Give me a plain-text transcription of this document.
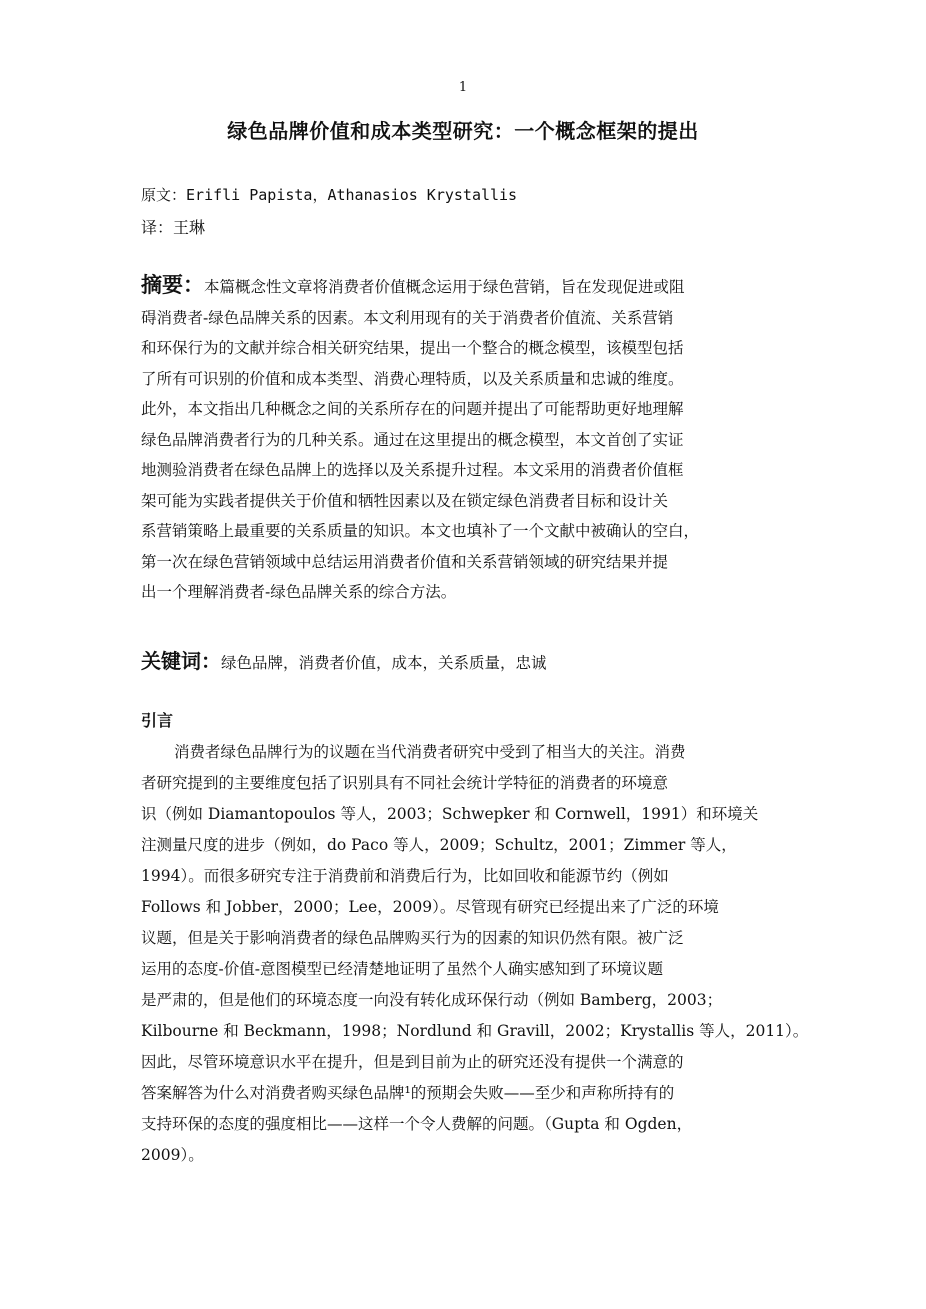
1
绿色品牌价值和成本类型研究：一个概念框架的提出
原文：Erifli Papista，Athanasios Krystallis
译：王琳
摘要：本篇概念性文章将消费者价值概念运用于绿色营销，旨在发现促进或阻
碍消费者-绿色品牌关系的因素。本文利用现有的关于消费者价值流、关系营销
和环保行为的文献并综合相关研究结果，提出一个整合的概念模型，该模型包括
了所有可识别的价值和成本类型、消费心理特质，以及关系质量和忠诚的维度。
此外，本文指出几种概念之间的关系所存在的问题并提出了可能帮助更好地理解
绿色品牌消费者行为的几种关系。通过在这里提出的概念模型，本文首创了实证
地测验消费者在绿色品牌上的选择以及关系提升过程。本文采用的消费者价值框
架可能为实践者提供关于价值和牺牲因素以及在锁定绿色消费者目标和设计关
系营销策略上最重要的关系质量的知识。本文也填补了一个文献中被确认的空白，
第一次在绿色营销领域中总结运用消费者价值和关系营销领域的研究结果并提
出一个理解消费者-绿色品牌关系的综合方法。
关键词：绿色品牌，消费者价值，成本，关系质量，忠诚
引言
消费者绿色品牌行为的议题在当代消费者研究中受到了相当大的关注。消费
者研究提到的主要维度包括了识别具有不同社会统计学特征的消费者的环境意
识（例如 Diamantopoulos 等人，2003；Schwepker 和 Cornwell，1991）和环境关
注测量尺度的进步（例如，do Paco 等人，2009；Schultz，2001；Zimmer 等人，
1994）。而很多研究专注于消费前和消费后行为，比如回收和能源节约（例如
Follows 和 Jobber，2000；Lee，2009）。尽管现有研究已经提出来了广泛的环境
议题，但是关于影响消费者的绿色品牌购买行为的因素的知识仍然有限。被广泛
运用的态度-价值-意图模型已经清楚地证明了虽然个人确实感知到了环境议题
是严肃的，但是他们的环境态度一向没有转化成环保行动（例如 Bamberg，2003；
Kilbourne 和 Beckmann，1998；Nordlund 和 Gravill，2002；Krystallis 等人，2011）。
因此，尽管环境意识水平在提升，但是到目前为止的研究还没有提供一个满意的
答案解答为什么对消费者购买绿色品牌¹的预期会失败——至少和声称所持有的
支持环保的态度的强度相比——这样一个令人费解的问题。（Gupta 和 Ogden，
2009）。
